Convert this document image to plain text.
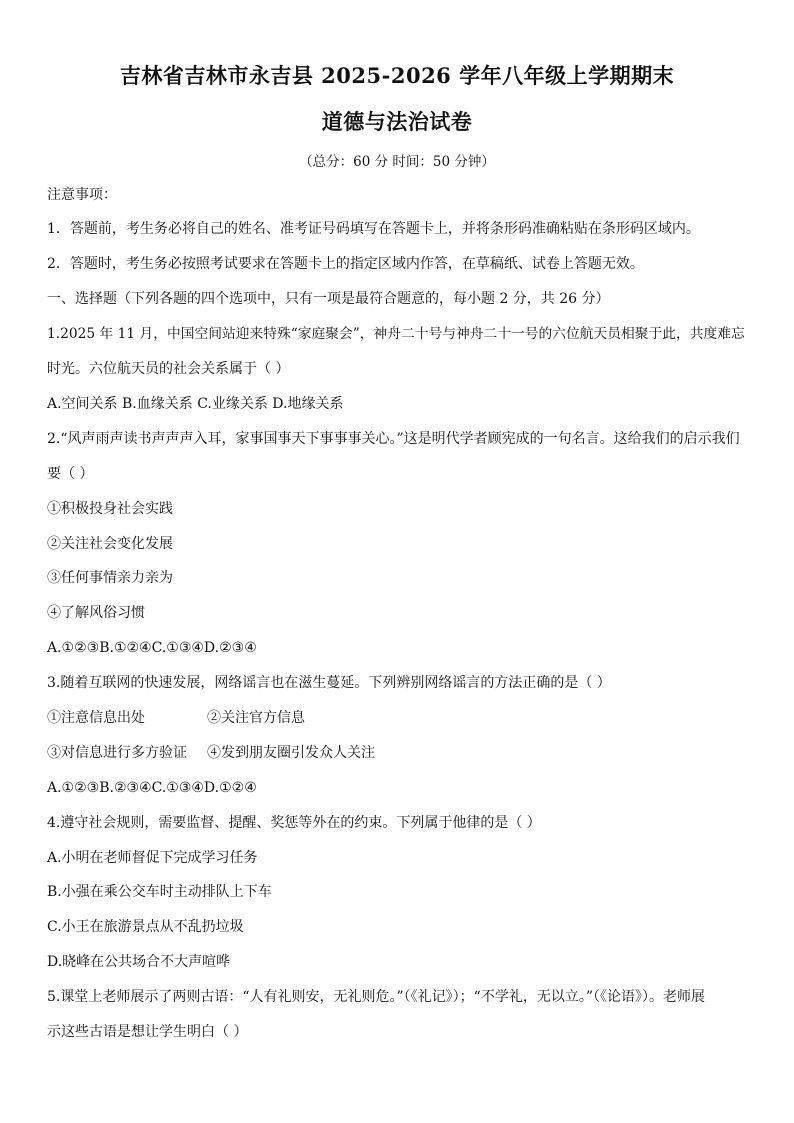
吉林省吉林市永吉县 2025-2026 学年八年级上学期期末
道德与法治试卷
（总分：60 分 时间：50 分钟）
注意事项：
1．答题前，考生务必将自己的姓名、准考证号码填写在答题卡上，并将条形码准确粘贴在条形码区域内。
2．答题时，考生务必按照考试要求在答题卡上的指定区域内作答，在草稿纸、试卷上答题无效。
一、选择题（下列各题的四个选项中，只有一项是最符合题意的，每小题 2 分，共 26 分）
1.2025 年 11 月，中国空间站迎来特殊“家庭聚会”，神舟二十号与神舟二十一号的六位航天员相聚于此，共度难忘
时光。六位航天员的社会关系属于（ ）
A.空间关系 B.血缘关系 C.业缘关系 D.地缘关系
2.“风声雨声读书声声声入耳，家事国事天下事事事关心。”这是明代学者顾宪成的一句名言。这给我们的启示我们
要（ ）
①积极投身社会实践
②关注社会变化发展
③任何事情亲力亲为
④了解风俗习惯
A.①②③B.①②④C.①③④D.②③④
3.随着互联网的快速发展，网络谣言也在滋生蔓延。下列辨别网络谣言的方法正确的是（ ）
①注意信息出处	②关注官方信息
③对信息进行多方验证 ④发到朋友圈引发众人关注
A.①②③B.②③④C.①③④D.①②④
4.遵守社会规则，需要监督、提醒、奖惩等外在的约束。下列属于他律的是（ ）
A.小明在老师督促下完成学习任务
B.小强在乘公交车时主动排队上下车
C.小王在旅游景点从不乱扔垃圾
D.晓峰在公共场合不大声喧哗
5.课堂上老师展示了两则古语：“人有礼则安，无礼则危。”（《礼记》）；“不学礼，无以立。”（《论语》）。老师展
示这些古语是想让学生明白（ ）
